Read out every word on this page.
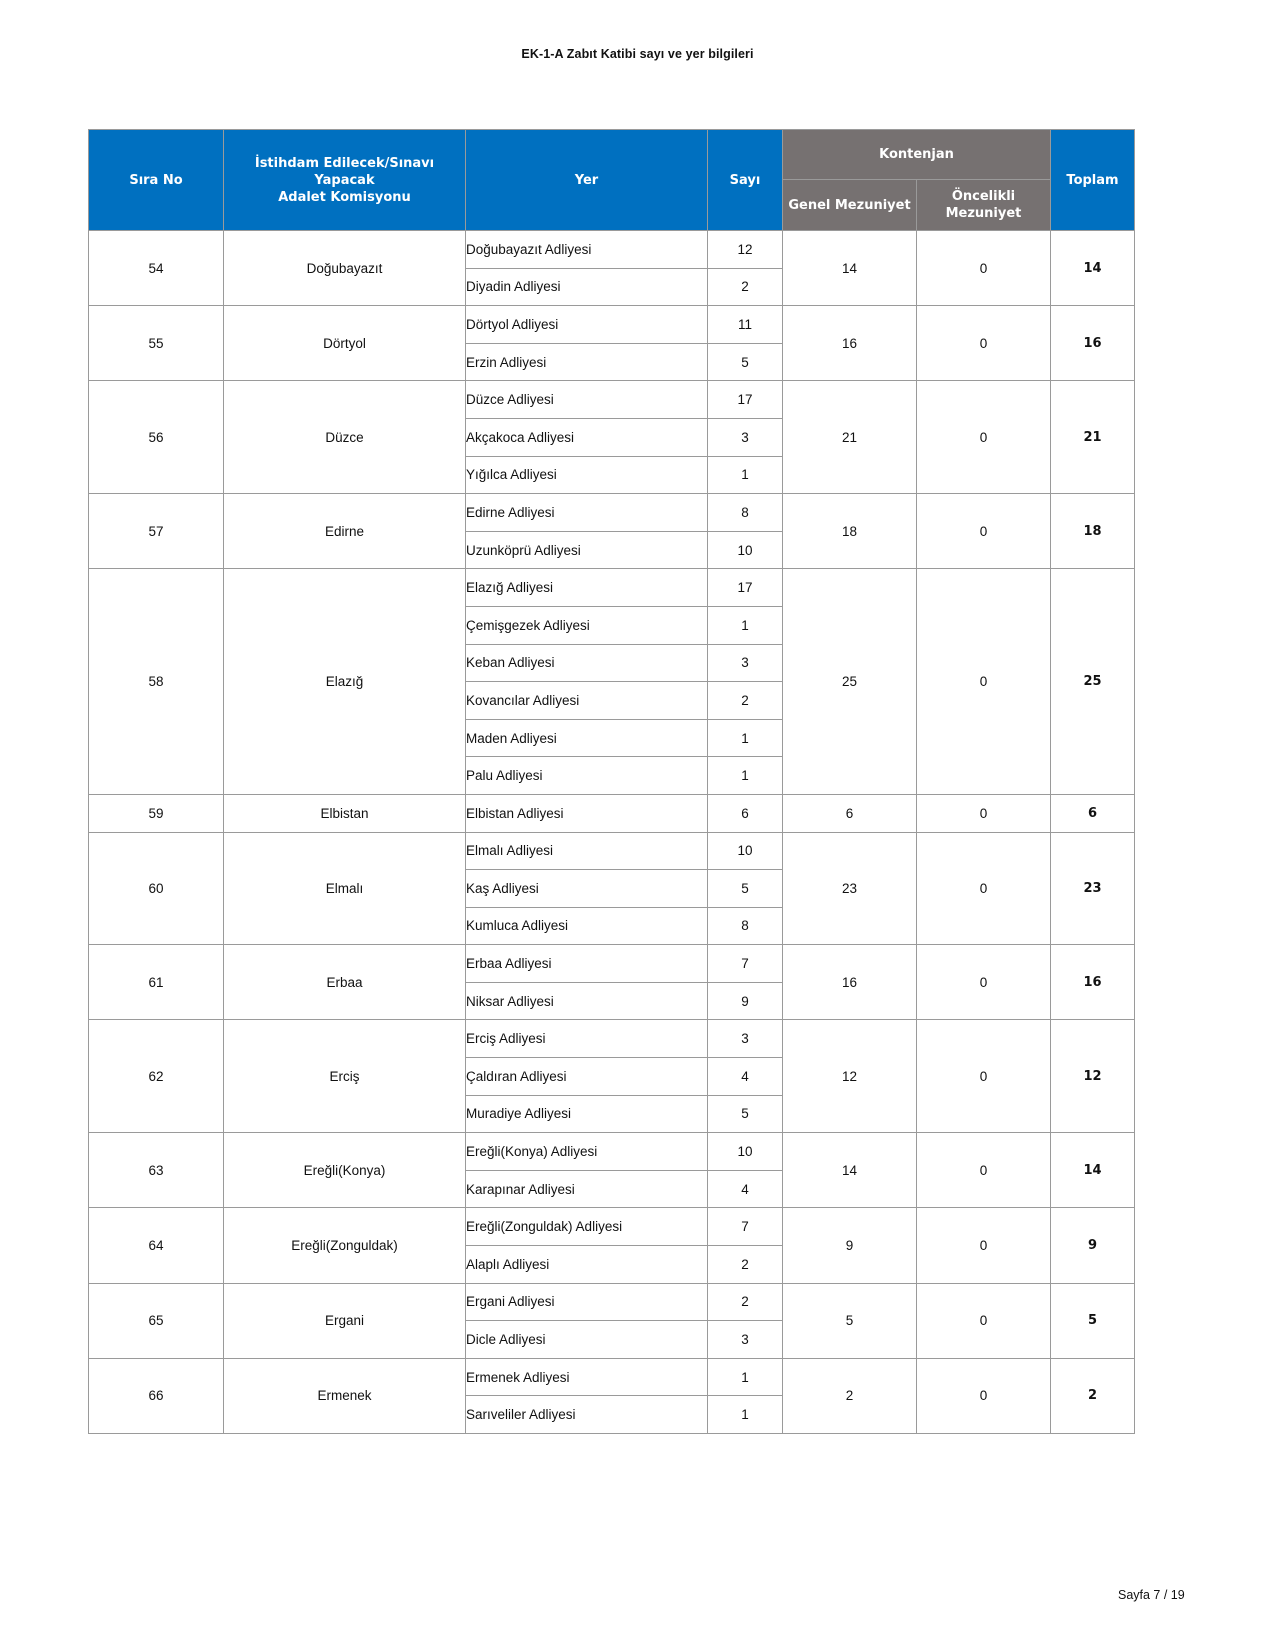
EK-1-A Zabıt Katibi sayı ve yer bilgileri
Sıra No	İstihdam Edilecek/Sınavı
Yapacak
Adalet Komisyonu	Yer	Sayı	Kontenjan		Toplam
				Genel Mezuniyet	Öncelikli
Mezuniyet	

54	Doğubayazıt	Doğubayazıt Adliyesi	12	14	0	14
		Diyadin Adliyesi	2			
55	Dörtyol	Dörtyol Adliyesi	11	16	0	16
		Erzin Adliyesi	5			
56	Düzce	Düzce Adliyesi	17	21	0	21
		Akçakoca Adliyesi	3			
		Yığılca Adliyesi	1			
57	Edirne	Edirne Adliyesi	8	18	0	18
		Uzunköprü Adliyesi	10			
58	Elazığ	Elazığ Adliyesi	17	25	0	25
		Çemişgezek Adliyesi	1			
		Keban Adliyesi	3			
		Kovancılar Adliyesi	2			
		Maden Adliyesi	1			
		Palu Adliyesi	1			
59	Elbistan	Elbistan Adliyesi	6	6	0	6
60	Elmalı	Elmalı Adliyesi	10	23	0	23
		Kaş Adliyesi	5			
		Kumluca Adliyesi	8			
61	Erbaa	Erbaa Adliyesi	7	16	0	16
		Niksar Adliyesi	9			
62	Erciş	Erciş Adliyesi	3	12	0	12
		Çaldıran Adliyesi	4			
		Muradiye Adliyesi	5			
63	Ereğli(Konya)	Ereğli(Konya) Adliyesi	10	14	0	14
		Karapınar Adliyesi	4			
64	Ereğli(Zonguldak)	Ereğli(Zonguldak) Adliyesi	7	9	0	9
		Alaplı Adliyesi	2			
65	Ergani	Ergani Adliyesi	2	5	0	5
		Dicle Adliyesi	3			
66	Ermenek	Ermenek Adliyesi	1	2	0	2
		Sarıveliler Adliyesi	1			
Sayfa 7 / 19
